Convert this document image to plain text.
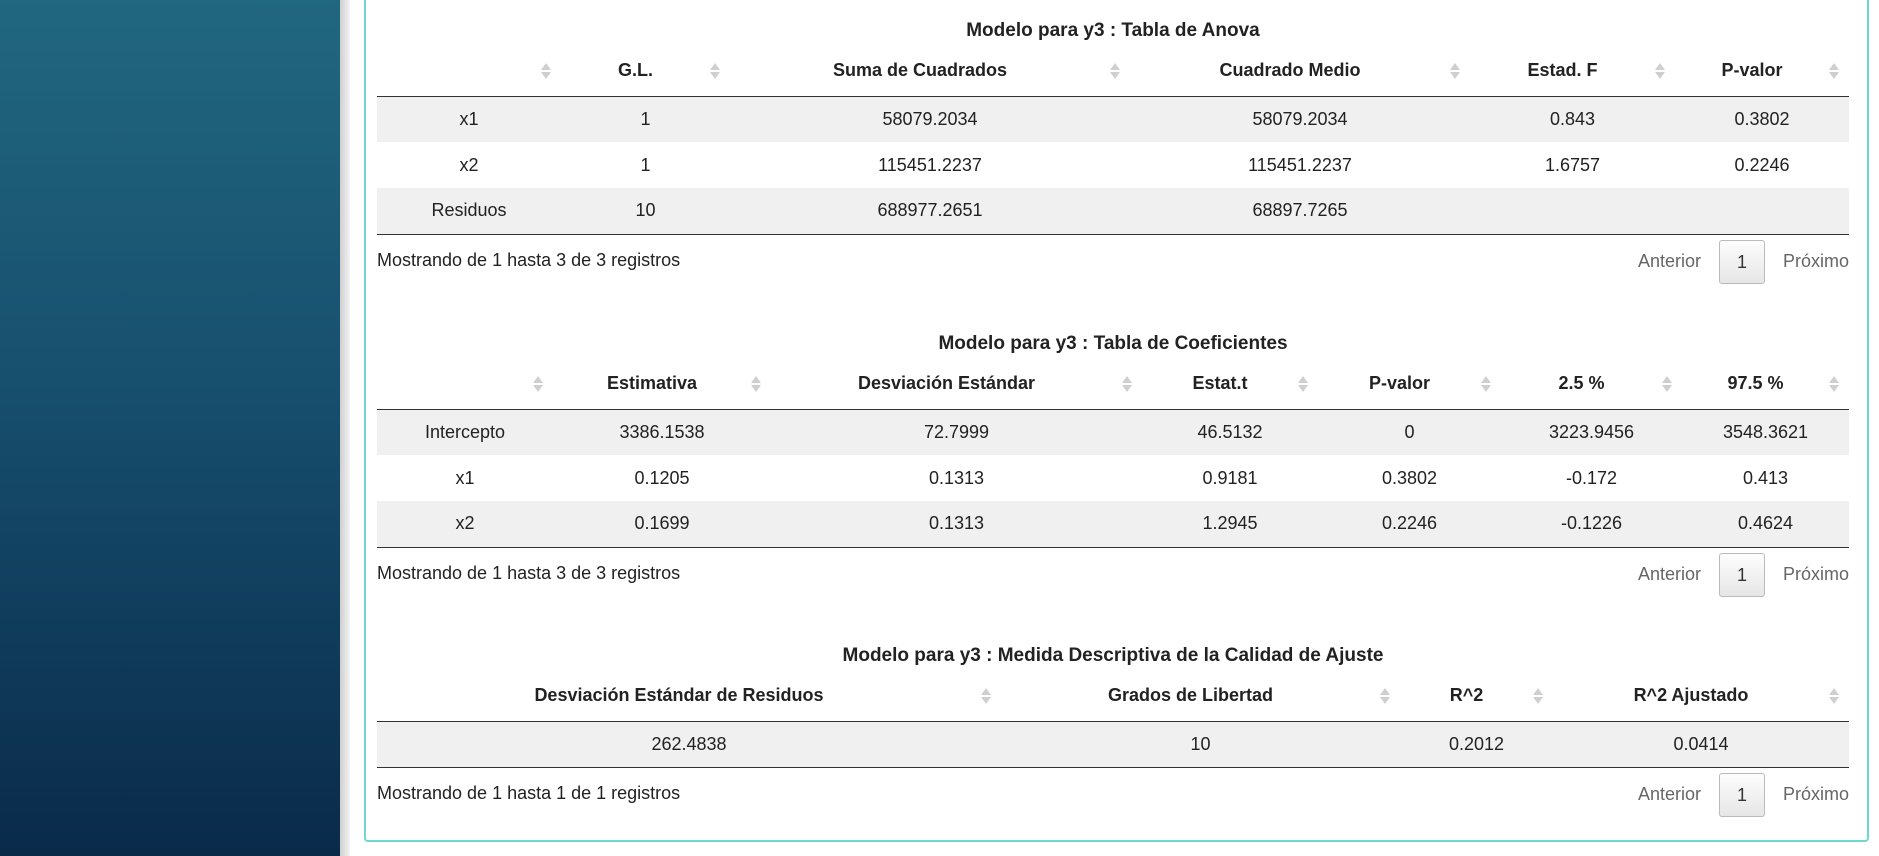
Modelo para y3 : Tabla de Anova
	G.L.	Suma de Cuadrados	Cuadrado Medio	Estad. F	P-valor

x1	1	58079.2034	58079.2034	0.843	0.3802
x2	1	115451.2237	115451.2237	1.6757	0.2246
Residuos	10	688977.2651	68897.7265		
Mostrando de 1 hasta 3 de 3 registros	Anterior	1	Próximo
Modelo para y3 : Tabla de Coeficientes
	Estimativa	Desviación Estándar	Estat.t	P-valor	2.5 %	97.5 %

Intercepto	3386.1538	72.7999	46.5132	0	3223.9456	3548.3621
x1	0.1205	0.1313	0.9181	0.3802	-0.172	0.413
x2	0.1699	0.1313	1.2945	0.2246	-0.1226	0.4624
Mostrando de 1 hasta 3 de 3 registros	Anterior	1	Próximo
Modelo para y3 : Medida Descriptiva de la Calidad de Ajuste
Desviación Estándar de Residuos	Grados de Libertad	R^2	R^2 Ajustado

262.4838	10	0.2012	0.0414
Mostrando de 1 hasta 1 de 1 registros	Anterior	1	Próximo
